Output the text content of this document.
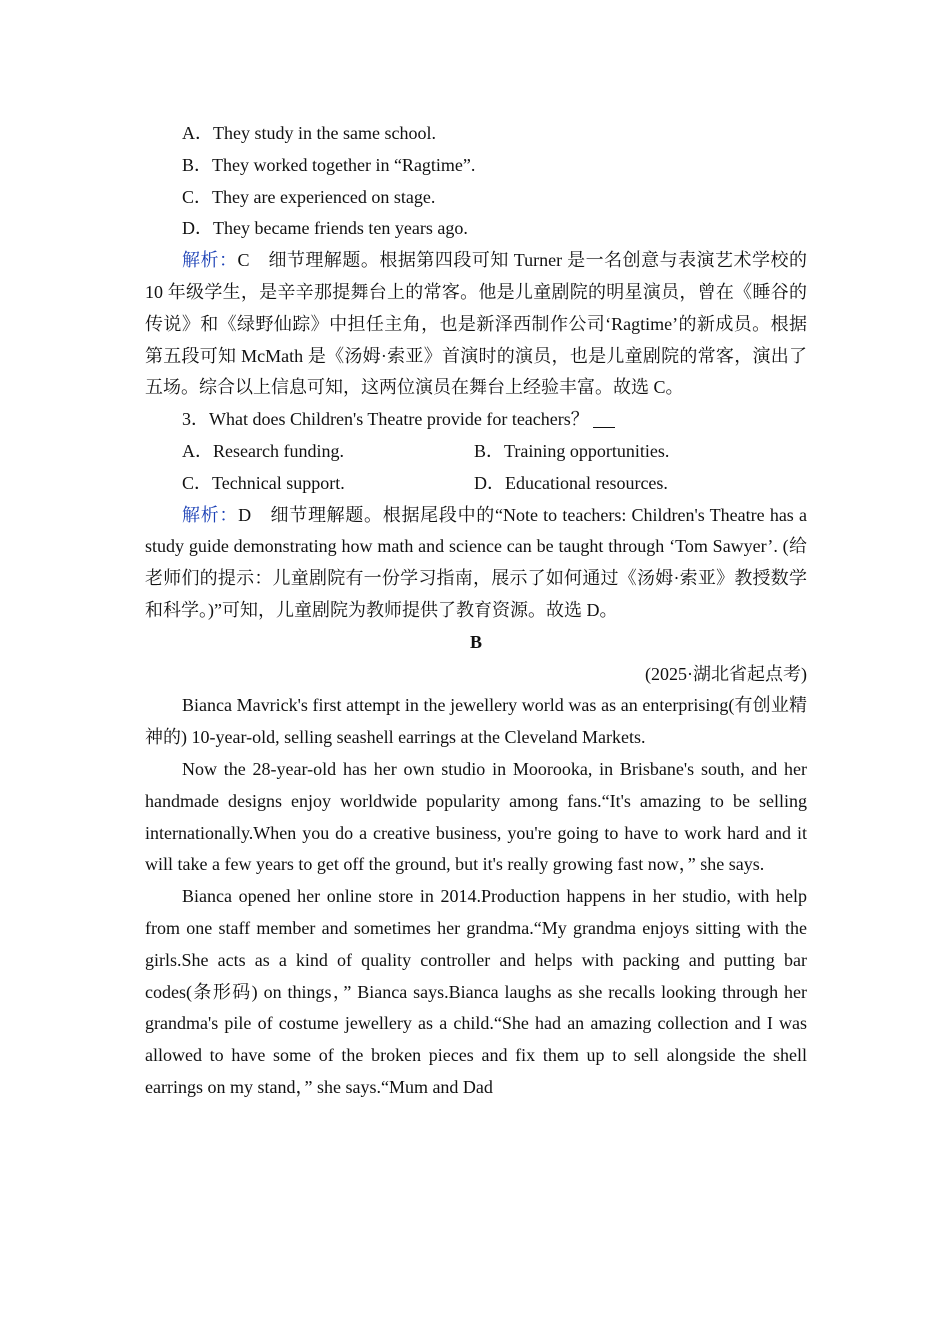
A．They study in the same school.
B．They worked together in “Ragtime”.
C．They are experienced on stage.
D．They became friends ten years ago.
解析：C　细节理解题。根据第四段可知 Turner 是一名创意与表演艺术学校的 10 年级学生，是辛辛那提舞台上的常客。他是儿童剧院的明星演员，曾在《睡谷的传说》和《绿野仙踪》中担任主角，也是新泽西制作公司‘Ragtime’的新成员。根据第五段可知 McMath 是《汤姆·索亚》首演时的演员，也是儿童剧院的常客，演出了五场。综合以上信息可知，这两位演员在舞台上经验丰富。故选 C。
3．What does Children's Theatre provide for teachers？
A．Research funding.	B．Training opportunities.
C．Technical support.	D．Educational resources.
解析：D　细节理解题。根据尾段中的“Note to teachers: Children's Theatre has a study guide demonstrating how math and science can be taught through ‘Tom Sawyer’. (给老师们的提示：儿童剧院有一份学习指南，展示了如何通过《汤姆·索亚》教授数学和科学。)”可知，儿童剧院为教师提供了教育资源。故选 D。
B
(2025·湖北省起点考)
Bianca Mavrick's first attempt in the jewellery world was as an enterprising(有创业精神的) 10-year-old, selling seashell earrings at the Cleveland Markets.
Now the 28-year-old has her own studio in Moorooka, in Brisbane's south, and her handmade designs enjoy worldwide popularity among fans.“It's amazing to be selling internationally.When you do a creative business, you're going to have to work hard and it will take a few years to get off the ground, but it's really growing fast now，” she says.
Bianca opened her online store in 2014.Production happens in her studio, with help from one staff member and sometimes her grandma.“My grandma enjoys sitting with the girls.She acts as a kind of quality controller and helps with packing and putting bar codes(条形码) on things，” Bianca says.Bianca laughs as she recalls looking through her grandma's pile of costume jewellery as a child.“She had an amazing collection and I was allowed to have some of the broken pieces and fix them up to sell alongside the shell earrings on my stand，” she says.“Mum and Dad
